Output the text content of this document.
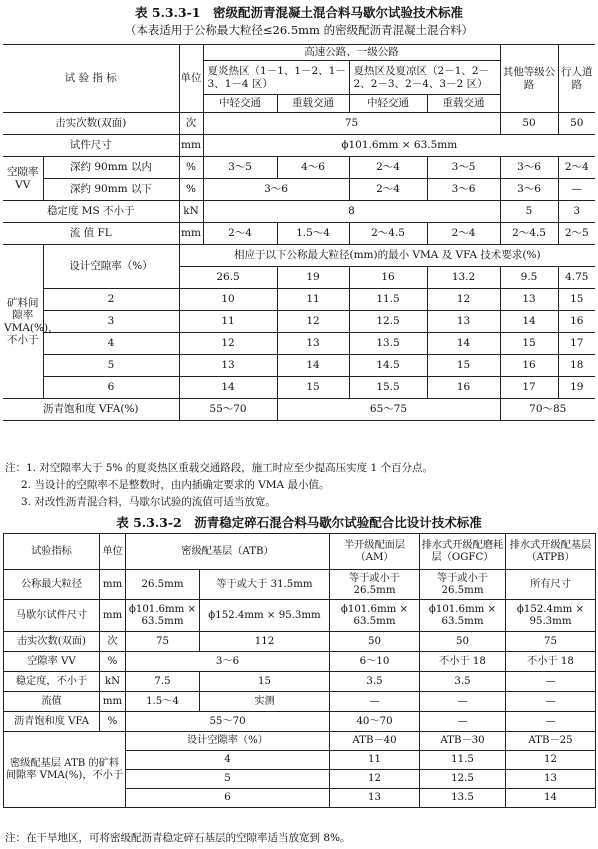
表 5.3.3-1　密级配沥青混凝土混合料马歇尔试验技术标准
（本表适用于公称最大粒径≤26.5mm 的密级配沥青混凝土混合料）
试 验 指 标		单位	高速公路、一级公路				其他等级公路	行人道路
			夏炎热区（1－1、1－2、1－3、1－4 区）		夏热区及夏凉区（2－1、2－2、2－3、2－4、3－2 区）			
			中轻交通	重载交通	中轻交通	重载交通		
击实次数(双面)		次	75				50	50
试件尺寸		mm	ϕ101.6mm × 63.5mm					
空隙率 VV	深约 90mm 以内	%	3～5	4～6	2～4	3～5	3～6	2～4
	深约 90mm 以下	%	3～6		2～4	3～6	3～6	—
稳定度 MS 不小于		kN	8				5	3
流 值 FL		mm	2～4	1.5～4	2～4.5	2～4	2～4.5	2～5
矿料间隙率 VMA(%)，不小于	设计空隙率（%）	相应于以下公称最大粒径(mm)的最小 VMA 及 VFA 技术要求(%)						
		26.5		19	16	13.2	9.5	4.75
	2	10		11	11.5	12	13	15
	3	11		12	12.5	13	14	16
	4	12		13	13.5	14	15	17
	5	13		14	14.5	15	16	18
	6	14		15	15.5	16	17	19
沥青饱和度 VFA(%)		55～70		65～75			70～85	
注：1. 对空隙率大于 5% 的夏炎热区重载交通路段，施工时应至少提高压实度 1 个百分点。
2. 当设计的空隙率不是整数时，由内插确定要求的 VMA 最小值。
3. 对改性沥青混合料，马歇尔试验的流值可适当放宽。
表 5.3.3-2　沥青稳定碎石混合料马歇尔试验配合比设计技术标准
试验指标	单位	密级配基层（ATB）		半开级配面层（AM）	排水式开级配磨耗层（OGFC）	排水式开级配基层（ATPB）
公称最大粒径	mm	26.5mm	等于或大于 31.5mm	等于或小于 26.5mm	等于或小于 26.5mm	所有尺寸
马歇尔试件尺寸	mm	ϕ101.6mm × 63.5mm	ϕ152.4mm × 95.3mm	ϕ101.6mm × 63.5mm	ϕ101.6mm × 63.5mm	ϕ152.4mm × 95.3mm
击实次数(双面)	次	75	112	50	50	75
空隙率 VV	%	3～6		6～10	不小于 18	不小于 18
稳定度，不小于	kN	7.5	15	3.5	3.5	—
流值	mm	1.5～4	实测	—	—	—
沥青饱和度 VFA	%	55～70		40～70	—	—
密级配基层 ATB 的矿料间隙率 VMA(%)，不小于		设计空隙率（%）		ATB－40	ATB－30	ATB－25
		4		11	11.5	12
		5		12	12.5	13
		6		13	13.5	14
注：在干旱地区，可将密级配沥青稳定碎石基层的空隙率适当放宽到 8%。
